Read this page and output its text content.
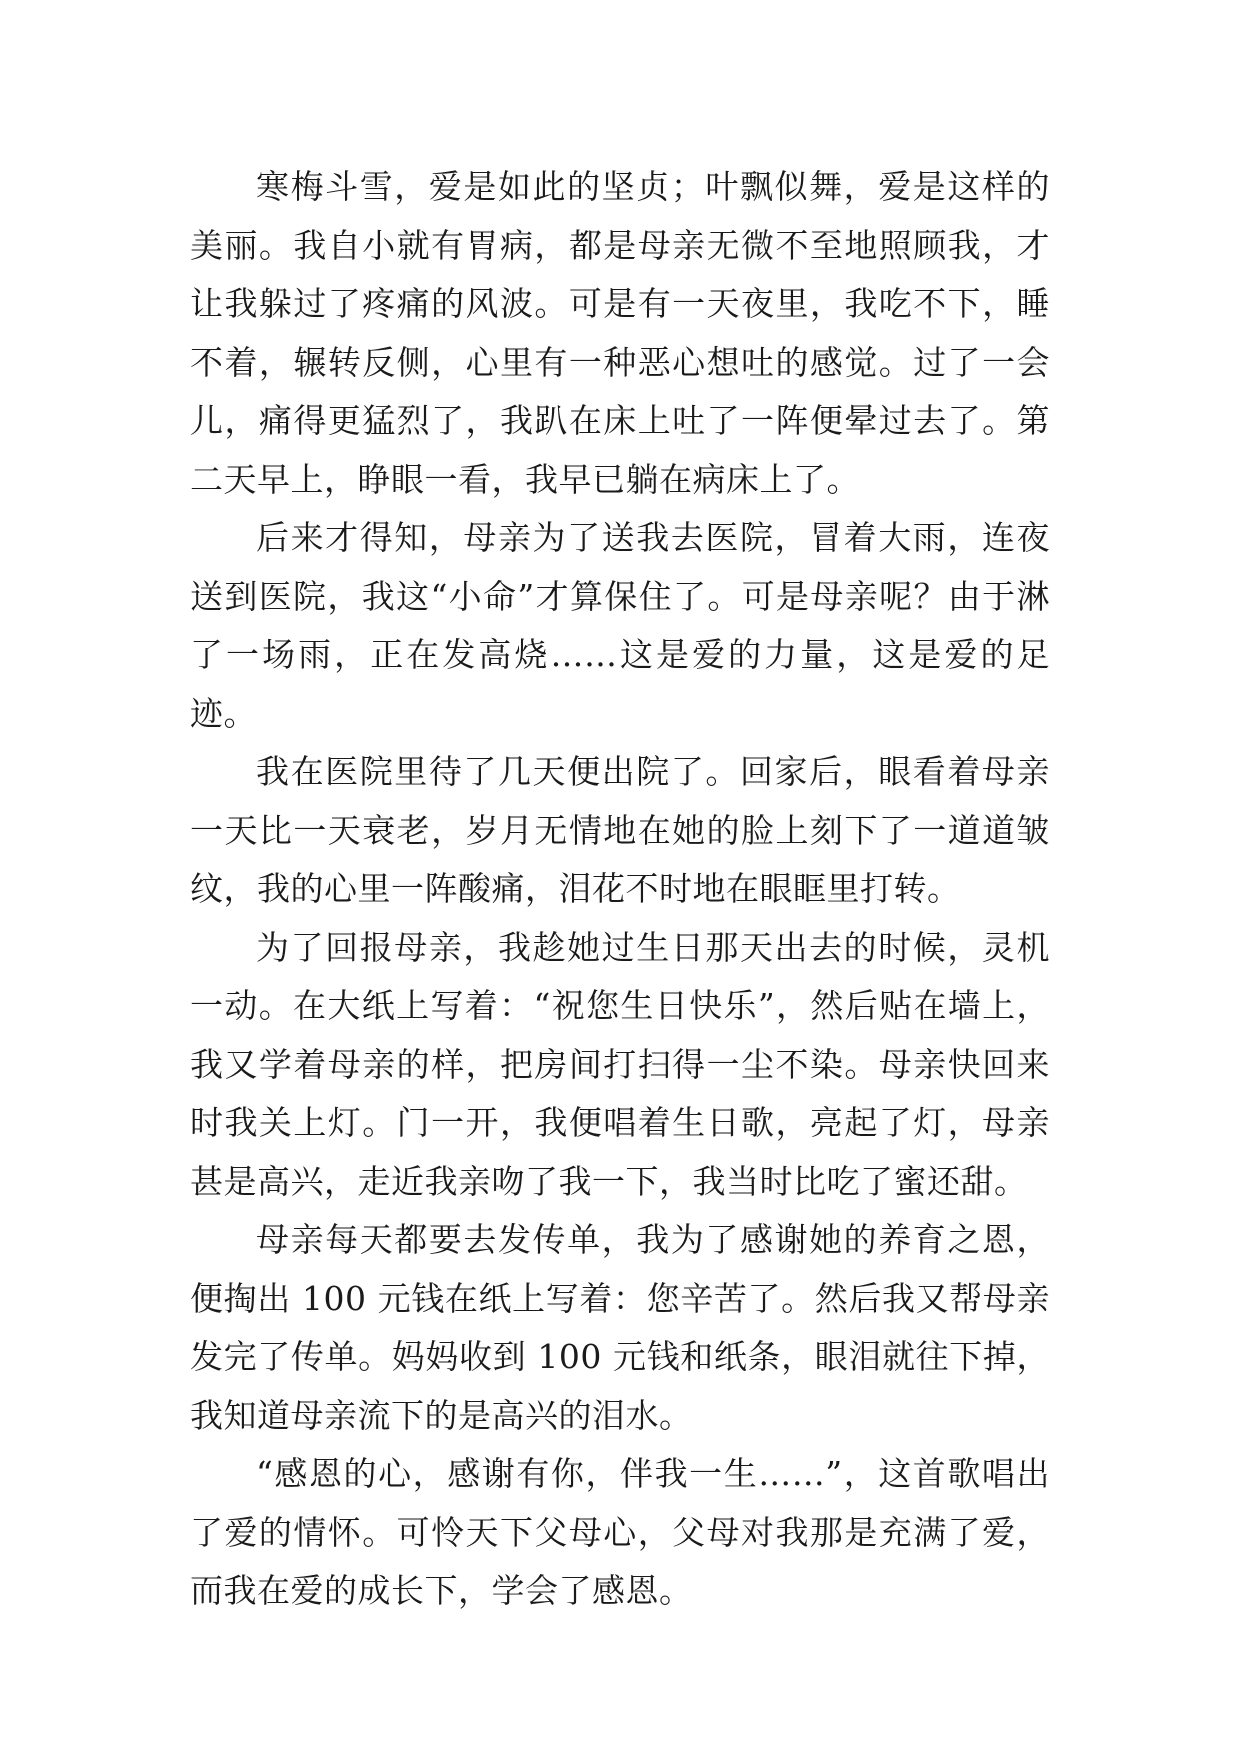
寒梅斗雪，爱是如此的坚贞；叶飘似舞，爱是这样的美丽。我自小就有胃病，都是母亲无微不至地照顾我，才让我躲过了疼痛的风波。可是有一天夜里，我吃不下，睡不着，辗转反侧，心里有一种恶心想吐的感觉。过了一会儿，痛得更猛烈了，我趴在床上吐了一阵便晕过去了。第二天早上，睁眼一看，我早已躺在病床上了。

后来才得知，母亲为了送我去医院，冒着大雨，连夜送到医院，我这“小命”才算保住了。可是母亲呢？由于淋了一场雨，正在发高烧……这是爱的力量，这是爱的足迹。

我在医院里待了几天便出院了。回家后，眼看着母亲一天比一天衰老，岁月无情地在她的脸上刻下了一道道皱纹，我的心里一阵酸痛，泪花不时地在眼眶里打转。

为了回报母亲，我趁她过生日那天出去的时候，灵机一动。在大纸上写着：“祝您生日快乐”，然后贴在墙上，我又学着母亲的样，把房间打扫得一尘不染。母亲快回来时我关上灯。门一开，我便唱着生日歌，亮起了灯，母亲甚是高兴，走近我亲吻了我一下，我当时比吃了蜜还甜。

母亲每天都要去发传单，我为了感谢她的养育之恩，便掏出 100 元钱在纸上写着：您辛苦了。然后我又帮母亲发完了传单。妈妈收到 100 元钱和纸条，眼泪就往下掉，我知道母亲流下的是高兴的泪水。

“感恩的心，感谢有你，伴我一生……”，这首歌唱出了爱的情怀。可怜天下父母心，父母对我那是充满了爱，而我在爱的成长下，学会了感恩。
